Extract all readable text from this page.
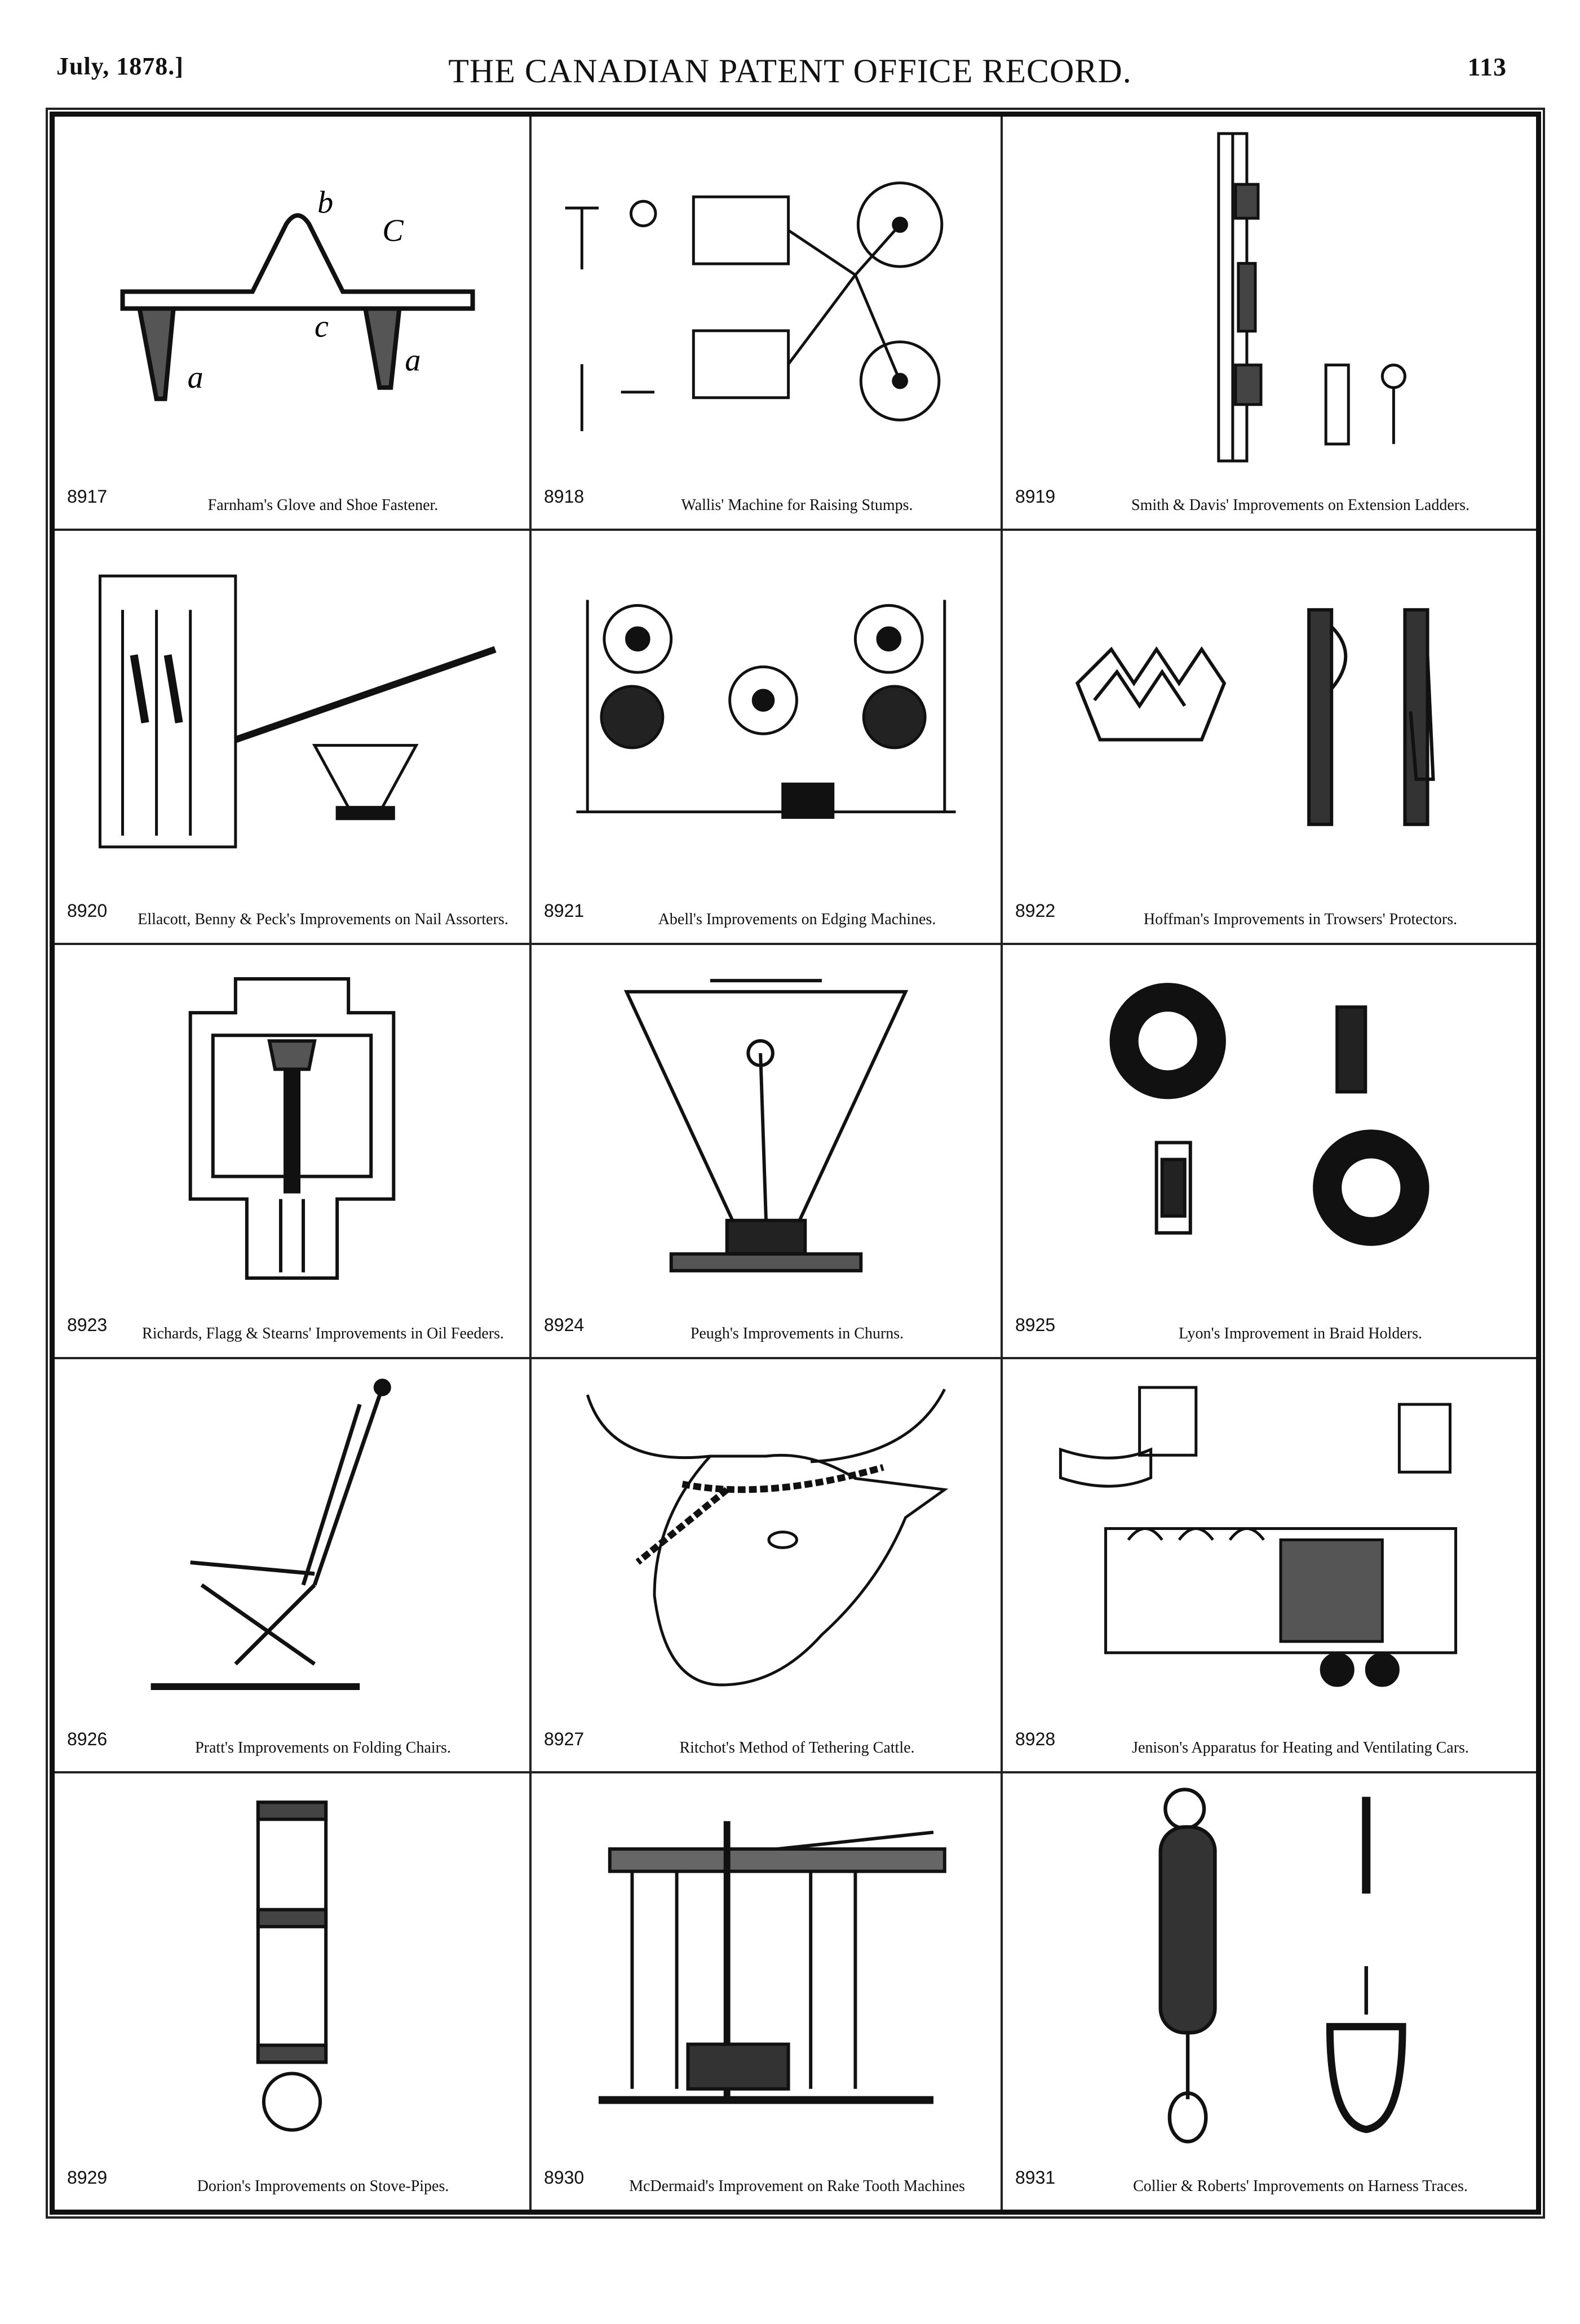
July, 1878.]	THE CANADIAN PATENT OFFICE RECORD.	113
b
C
c
a	a
8917	Farnham's Glove and Shoe Fastener.	8918	Wallis' Machine for Raising Stumps.	8919	Smith & Davis' Improvements on Extension Ladders.
8920	Ellacott, Benny & Peck's Improvements on Nail Assorters.	8921	Abell's Improvements on Edging Machines.	8922	Hoffman's Improvements in Trowsers' Protectors.
8923	Richards, Flagg & Stearns' Improvements in Oil Feeders.	8924	Peugh's Improvements in Churns.	8925	Lyon's Improvement in Braid Holders.
8926	Pratt's Improvements on Folding Chairs.	8927	Ritchot's Method of Tethering Cattle.	8928	Jenison's Apparatus for Heating and Ventilating Cars.
8929	Dorion's Improvements on Stove-Pipes.	8930	McDermaid's Improvement on Rake Tooth Machines	8931	Collier & Roberts' Improvements on Harness Traces.
